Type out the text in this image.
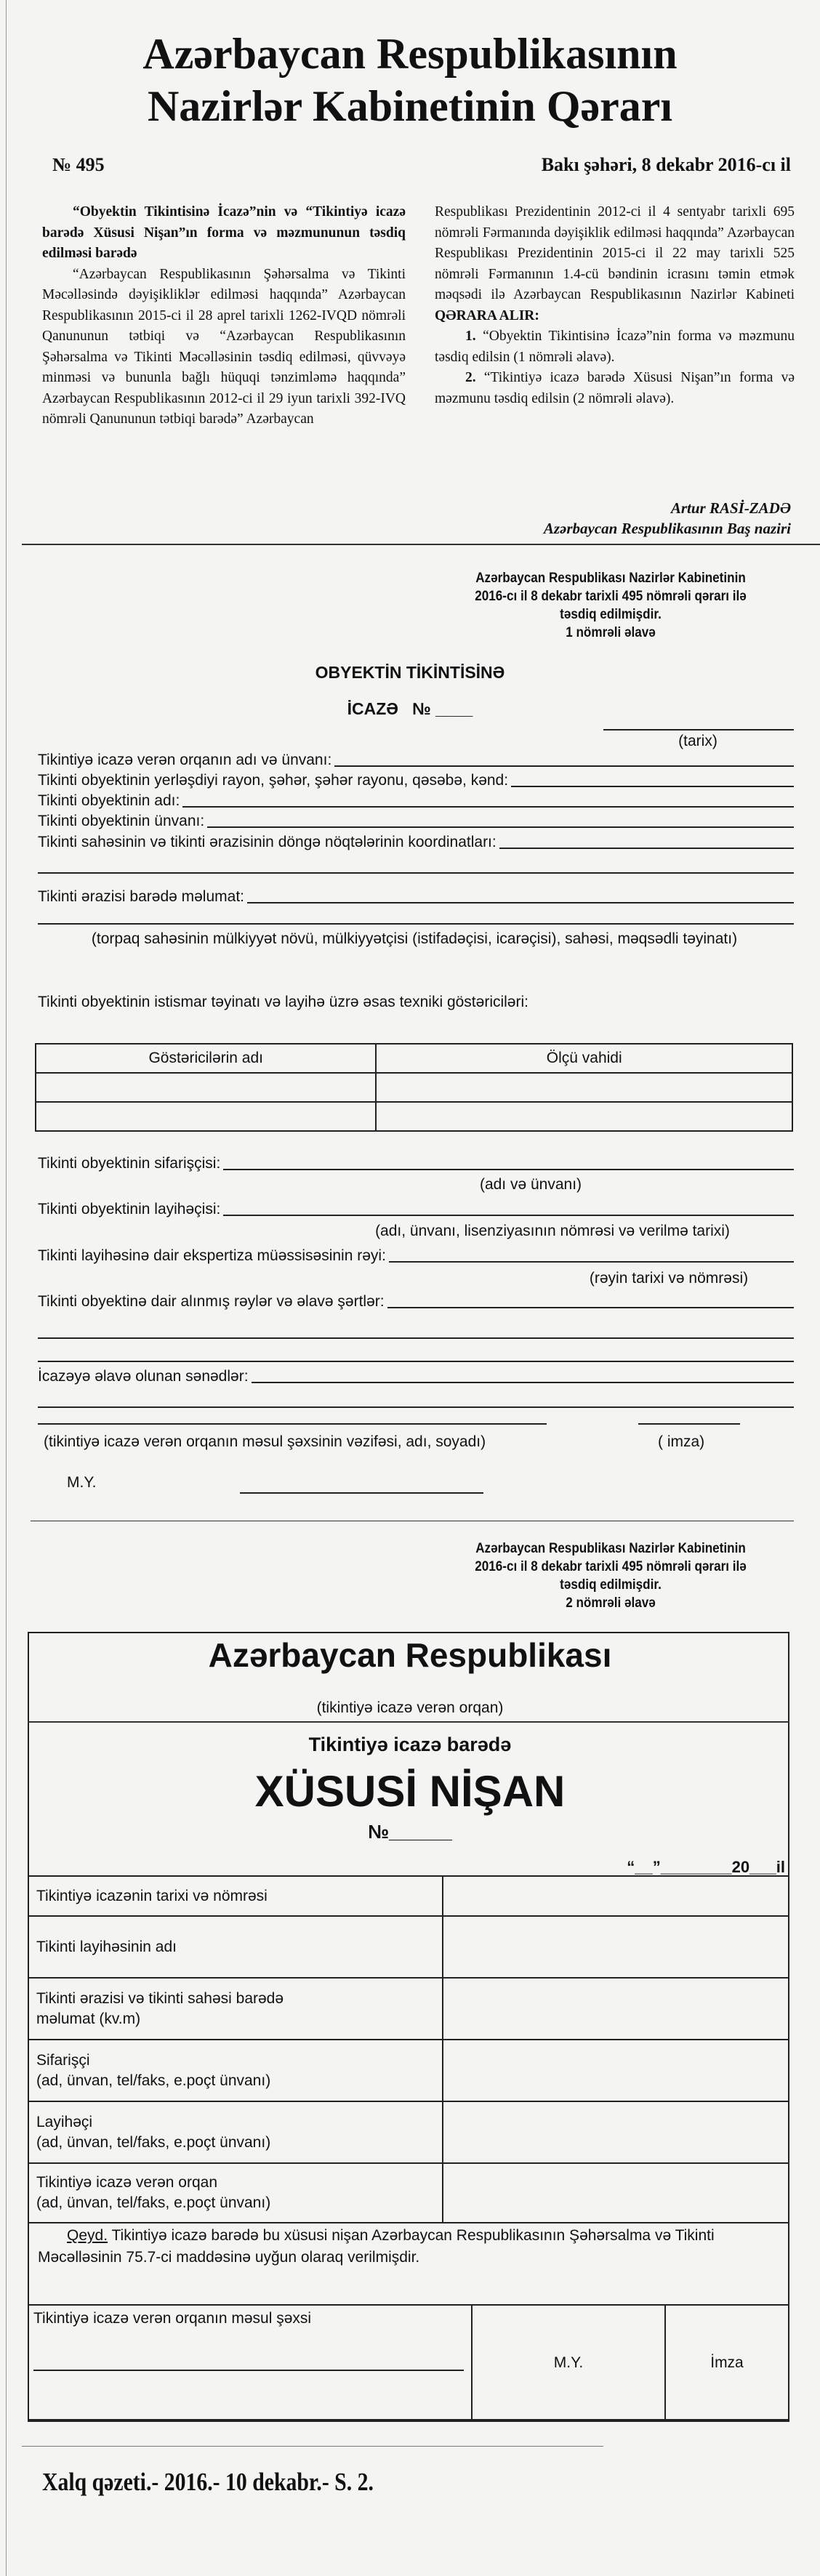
Azərbaycan Respublikasının
Nazirlər Kabinetinin Qərarı
№ 495	Bakı şəhəri, 8 dekabr 2016-cı il

“Obyektin Tikintisinə İcazə”nin və “Tikintiyə icazə barədə Xüsusi Nişan”ın forma və məzmununun təsdiq edilməsi barədə

“Azərbaycan Respublikasının Şəhərsalma və Tikinti Məcəlləsində dəyişikliklər edilməsi haqqında” Azərbaycan Respublikasının 2015-ci il 28 aprel tarixli 1262-IVQD nömrəli Qanununun tətbiqi və “Azərbaycan Respublikasının Şəhərsalma və Tikinti Məcəlləsinin təsdiq edilməsi, qüvvəyə minməsi və bununla bağlı hüquqi tənzimləmə haqqında” Azərbaycan Respublikasının 2012-ci il 29 iyun tarixli 392-IVQ nömrəli Qanununun tətbiqi barədə” Azərbaycan

Respublikası Prezidentinin 2012-ci il 4 sentyabr tarixli 695 nömrəli Fərmanında dəyişiklik edilməsi haqqında” Azərbaycan Respublikası Prezidentinin 2015-ci il 22 may tarixli 525 nömrəli Fərmanının 1.4-cü bəndinin icrasını təmin etmək məqsədi ilə Azərbaycan Respublikasının Nazirlər Kabineti QƏRARA ALIR:

1. “Obyektin Tikintisinə İcazə”nin forma və məzmunu təsdiq edilsin (1 nömrəli əlavə).

2. “Tikintiyə icazə barədə Xüsusi Nişan”ın forma və məzmunu təsdiq edilsin (2 nömrəli əlavə).

Artur RASİ-ZADƏ
Azərbaycan Respublikasının Baş naziri
Azərbaycan Respublikası Nazirlər Kabinetinin
2016-cı il 8 dekabr tarixli 495 nömrəli qərarı ilə
təsdiq edilmişdir.
1 nömrəli əlavə
OBYEKTİN TİKİNTİSİNƏ
İCAZƏ № ____
(tarix)
Tikintiyə icazə verən orqanın adı və ünvanı:
Tikinti obyektinin yerləşdiyi rayon, şəhər, şəhər rayonu, qəsəbə, kənd:
Tikinti obyektinin adı:
Tikinti obyektinin ünvanı:
Tikinti sahəsinin və tikinti ərazisinin döngə nöqtələrinin koordinatları:
Tikinti ərazisi barədə məlumat:
(torpaq sahəsinin mülkiyyət növü, mülkiyyətçisi (istifadəçisi, icarəçisi), sahəsi, məqsədli təyinatı)
Tikinti obyektinin istismar təyinatı və layihə üzrə əsas texniki göstəriciləri:
Göstəricilərin adı	Ölçü vahidi

Tikinti obyektinin sifarişçisi:
(adı və ünvanı)
Tikinti obyektinin layihəçisi:
(adı, ünvanı, lisenziyasının nömrəsi və verilmə tarixi)
Tikinti layihəsinə dair ekspertiza müəssisəsinin rəyi:
(rəyin tarixi və nömrəsi)
Tikinti obyektinə dair alınmış rəylər və əlavə şərtlər:
İcazəyə əlavə olunan sənədlər:
(tikintiyə icazə verən orqanın məsul şəxsinin vəzifəsi, adı, soyadı)	( imza)
M.Y.
Azərbaycan Respublikası Nazirlər Kabinetinin
2016-cı il 8 dekabr tarixli 495 nömrəli qərarı ilə
təsdiq edilmişdir.
2 nömrəli əlavə
Azərbaycan Respublikası
(tikintiyə icazə verən orqan)
Tikintiyə icazə barədə
XÜSUSİ NİŞAN
№______
“__”________20___il
Tikintiyə icazənin tarixi və nömrəsi	
Tikinti layihəsinin adı	

Tikinti ərazisi və tikinti sahəsi barədə
məlumat (kv.m)	

Sifarişçi
(ad, ünvan, tel/faks, e.poçt ünvanı)	

Layihəçi
(ad, ünvan, tel/faks, e.poçt ünvanı)	

Tikintiyə icazə verən orqan
(ad, ünvan, tel/faks, e.poçt ünvanı)	

Qeyd. Tikintiyə icazə barədə bu xüsusi nişan Azərbaycan Respublikasının Şəhərsalma və Tikinti Məcəlləsinin 75.7-ci maddəsinə uyğun olaraq verilmişdir.
Tikintiyə icazə verən orqanın məsul şəxsi
	M.Y.	İmza
Xalq qəzeti.- 2016.- 10 dekabr.- S. 2.
